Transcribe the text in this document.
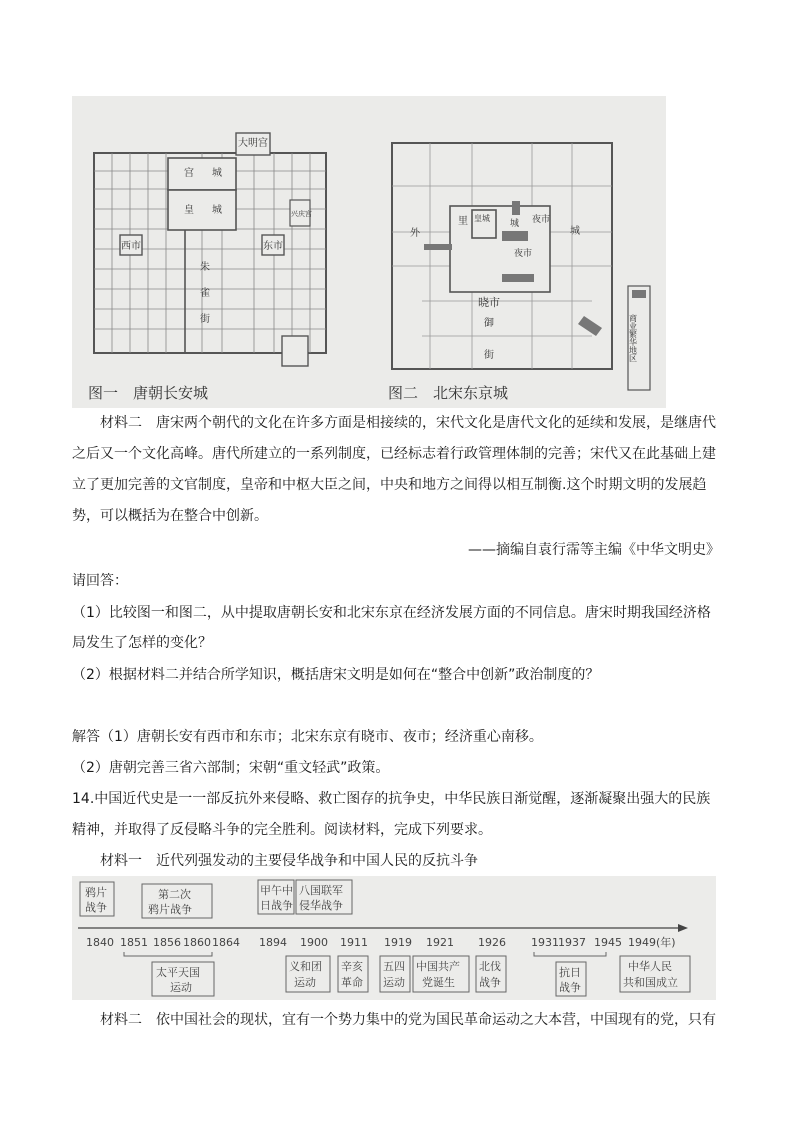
大明宫
宫 城
皇 城	兴庆宫
西市	东市
朱
雀
街
外
里 皇城
城 夜市
夜市
城
晓市
御
街	商业繁华地区
图一　唐朝长安城	图二　北宋东京城
材料二　唐宋两个朝代的文化在许多方面是相接续的，宋代文化是唐代文化的延续和发展，是继唐代
之后又一个文化高峰。唐代所建立的一系列制度，已经标志着行政管理体制的完善；宋代又在此基础上建
立了更加完善的文官制度，皇帝和中枢大臣之间，中央和地方之间得以相互制衡.这个时期文明的发展趋
势，可以概括为在整合中创新。
——摘编自袁行霈等主编《中华文明史》
请回答：
（1）比较图一和图二，从中提取唐朝长安和北宋东京在经济发展方面的不同信息。唐宋时期我国经济格
局发生了怎样的变化？
（2）根据材料二并结合所学知识，概括唐宋文明是如何在“整合中创新”政治制度的？
解答（1）唐朝长安有西市和东市；北宋东京有晓市、夜市；经济重心南移。
（2）唐朝完善三省六部制；宋朝“重文轻武”政策。
14.中国近代史是一一部反抗外来侵略、救亡图存的抗争史，中华民族日渐觉醒，逐渐凝聚出强大的民族
精神，并取得了反侵略斗争的完全胜利。阅读材料，完成下列要求。
材料一　近代列强发动的主要侵华战争和中国人民的反抗斗争
1840 1851 1856 1860 1864 1894 1900 1911 1919 1921 1926 1931 1937 1945 1949(年)
鸦片
战争
第二次
鸦片战争
甲午中
日战争
八国联军
侵华战争
太平天国
运动
义和团
运动
辛亥
革命
五四
运动
中国共产
党诞生
北伐
战争
抗日
战争
中华人民
共和国成立
材料二　依中国社会的现状，宜有一个势力集中的党为国民革命运动之大本营，中国现有的党，只有
